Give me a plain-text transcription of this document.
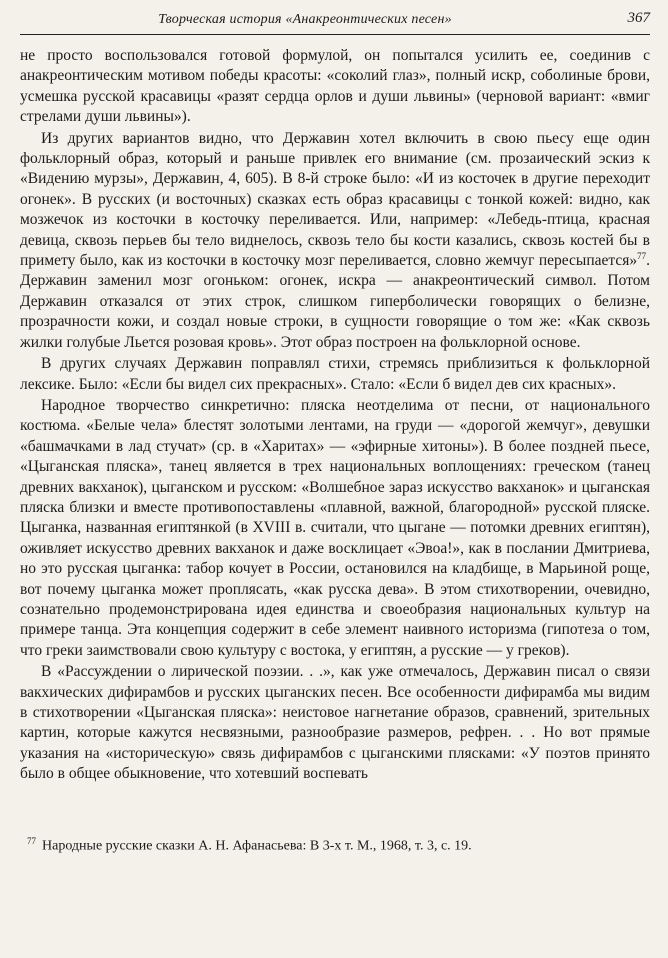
Творческая история «Анакреонтических песен»	367

не просто воспользовался готовой формулой, он попытался усилить ее, соединив с анакреонтическим мотивом победы красоты: «соколий глаз», полный искр, соболиные брови, усмешка русской красавицы «разят сердца орлов и души львины» (черновой вариант: «вмиг стрелами души львины»).

Из других вариантов видно, что Державин хотел включить в свою пьесу еще один фольклорный образ, который и раньше привлек его внимание (см. прозаический эскиз к «Видению мурзы», Державин, 4, 605). В 8-й строке было: «И из косточек в другие переходит огонек». В русских (и восточных) сказках есть образ красавицы с тонкой кожей: видно, как мозжечок из косточки в косточку переливается. Или, например: «Лебедь-птица, красная девица, сквозь перьев бы тело виднелось, сквозь тело бы кости казались, сквозь костей бы в примету было, как из косточки в косточку мозг переливается, словно жемчуг пересыпается»$^{77}$. Державин заменил мозг огоньком: огонек, искра — анакреонтический символ. Потом Державин отказался от этих строк, слишком гиперболически говорящих о белизне, прозрачности кожи, и создал новые строки, в сущности говорящие о том же: «Как сквозь жилки голубые Льется розовая кровь». Этот образ построен на фольклорной основе.

В других случаях Державин поправлял стихи, стремясь приблизиться к фольклорной лексике. Было: «Если бы видел сих прекрасных». Стало: «Если б видел дев сих красных».

Народное творчество синкретично: пляска неотделима от песни, от национального костюма. «Белые чела» блестят золотыми лентами, на груди — «дорогой жемчуг», девушки «башмачками в лад стучат» (ср. в «Харитах» — «эфирные хитоны»). В более поздней пьесе, «Цыганская пляска», танец является в трех национальных воплощениях: греческом (танец древних вакханок), цыганском и русском: «Волшебное зараз искусство вакханок» и цыганская пляска близки и вместе противопоставлены «плавной, важной, благородной» русской пляске. Цыганка, названная египтянкой (в XVIII в. считали, что цыгане — потомки древних египтян), оживляет искусство древних вакханок и даже восклицает «Эвоа!», как в послании Дмитриева, но это русская цыганка: табор кочует в России, остановился на кладбище, в Марьиной роще, вот почему цыганка может проплясать, «как русска дева». В этом стихотворении, очевидно, сознательно продемонстрирована идея единства и своеобразия национальных культур на примере танца. Эта концепция содержит в себе элемент наивного историзма (гипотеза о том, что греки заимствовали свою культуру с востока, у египтян, а русские — у греков).

В «Рассуждении о лирической поэзии. . .», как уже отмечалось, Державин писал о связи вакхических дифирамбов и русских цыганских песен. Все особенности дифирамба мы видим в стихотворении «Цыганская пляска»: неистовое нагнетание образов, сравнений, зрительных картин, которые кажутся несвязными, разнообразие размеров, рефрен. . . Но вот прямые указания на «историческую» связь дифирамбов с цыганскими плясками: «У поэтов принято было в общее обыкновение, что хотевший воспевать

$^{77}$ Народные русские сказки А. Н. Афанасьева: В 3-х т. М., 1968, т. 3, с. 19.
